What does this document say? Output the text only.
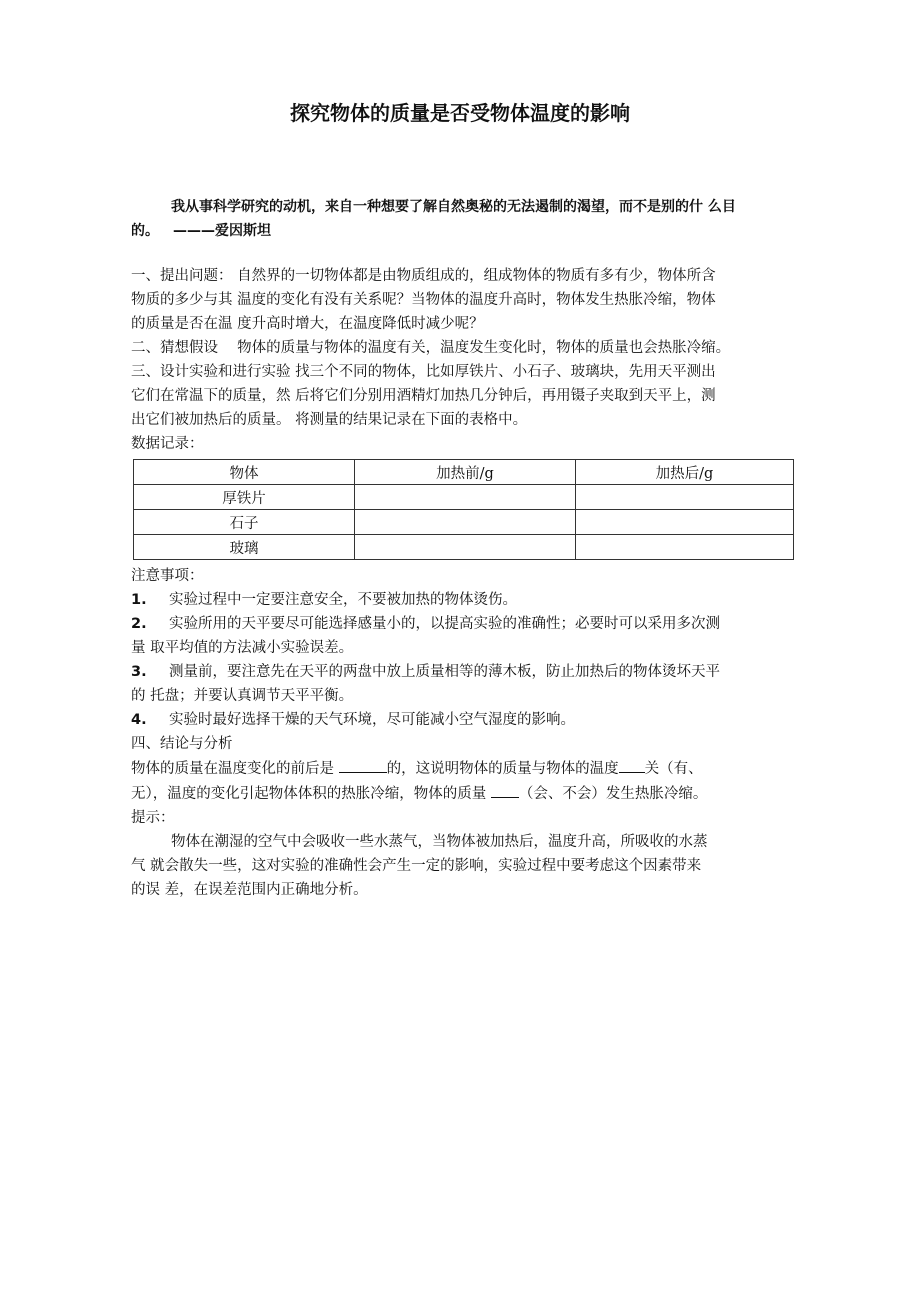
探究物体的质量是否受物体温度的影响
我从事科学研究的动机，来自一种想要了解自然奥秘的无法遏制的渴望，而不是别的什 么目
的。 ———爱因斯坦
一、提出问题： 自然界的一切物体都是由物质组成的，组成物体的物质有多有少，物体所含
物质的多少与其 温度的变化有没有关系呢？当物体的温度升高时，物体发生热胀冷缩，物体
的质量是否在温 度升高时增大，在温度降低时减少呢？
二、猜想假设　 物体的质量与物体的温度有关，温度发生变化时，物体的质量也会热胀冷缩。
三、设计实验和进行实验 找三个不同的物体，比如厚铁片、小石子、玻璃块，先用天平测出
它们在常温下的质量，然 后将它们分别用酒精灯加热几分钟后，再用镊子夹取到天平上，测
出它们被加热后的质量。 将测量的结果记录在下面的表格中。
数据记录：
物体	加热前/g	加热后/g
厚铁片		
石子		
玻璃		
注意事项：
1. 实验过程中一定要注意安全，不要被加热的物体烫伤。
2. 实验所用的天平要尽可能选择感量小的，以提高实验的准确性；必要时可以采用多次测
量 取平均值的方法减小实验误差。
3. 测量前，要注意先在天平的两盘中放上质量相等的薄木板，防止加热后的物体烫坏天平
的 托盘；并要认真调节天平平衡。
4. 实验时最好选择干燥的天气环境，尽可能减小空气湿度的影响。
四、结论与分析
物体的质量在温度变化的前后是	的，这说明物体的质量与物体的温度 关（有、
无），温度的变化引起物体体积的热胀冷缩，物体的质量 （会、不会）发生热胀冷缩。
提示：
物体在潮湿的空气中会吸收一些水蒸气，当物体被加热后，温度升高，所吸收的水蒸
气 就会散失一些，这对实验的准确性会产生一定的影响，实验过程中要考虑这个因素带来
的误 差，在误差范围内正确地分析。
